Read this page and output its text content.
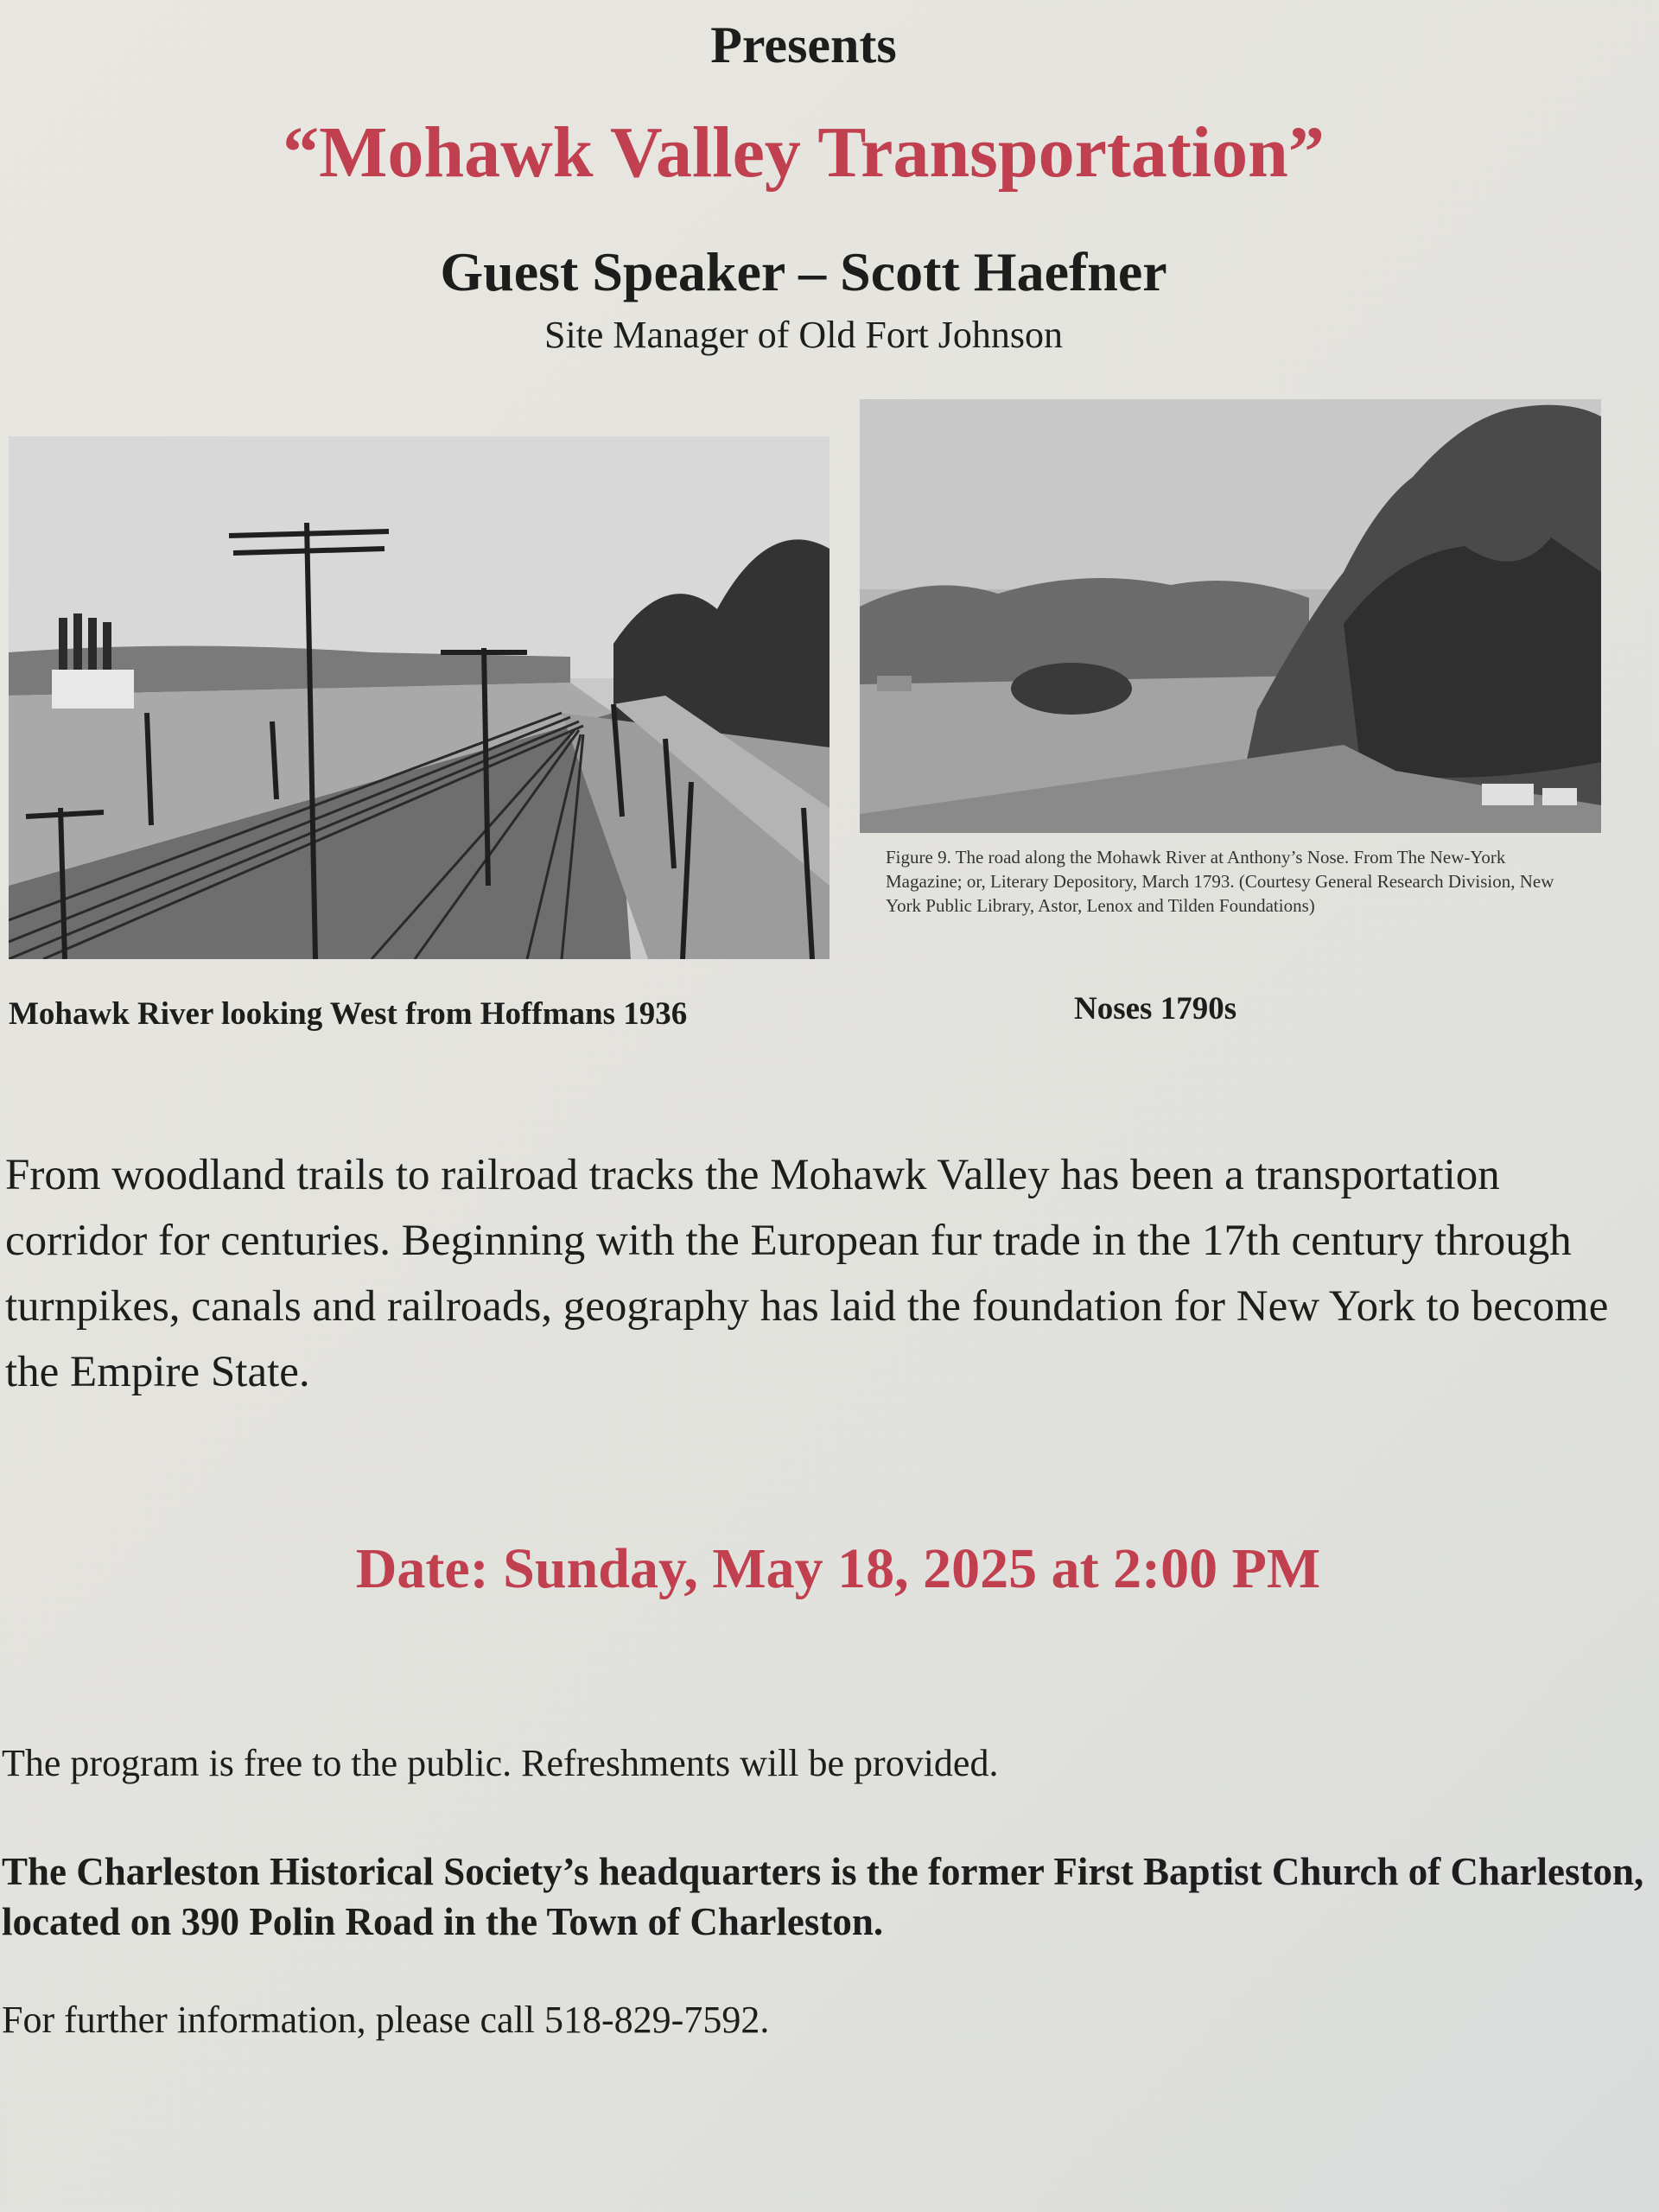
Presents
“Mohawk Valley Transportation”
Guest Speaker – Scott Haefner
Site Manager of Old Fort Johnson
Figure 9. The road along the Mohawk River at Anthony’s Nose. From The New-York Magazine; or, Literary Depository, March 1793. (Courtesy General Research Division, New York Public Library, Astor, Lenox and Tilden Foundations)
Mohawk River looking West from Hoffmans 1936	Noses 1790s

From woodland trails to railroad tracks the Mohawk Valley has been a transportation corridor for centuries. Beginning with the European fur trade in the 17th century through turnpikes, canals and railroads, geography has laid the foundation for New York to become the Empire State.

Date: Sunday, May 18, 2025 at 2:00 PM
The program is free to the public. Refreshments will be provided.

The Charleston Historical Society’s headquarters is the former First Baptist Church of Charleston, located on 390 Polin Road in the Town of Charleston.

For further information, please call 518-829-7592.
